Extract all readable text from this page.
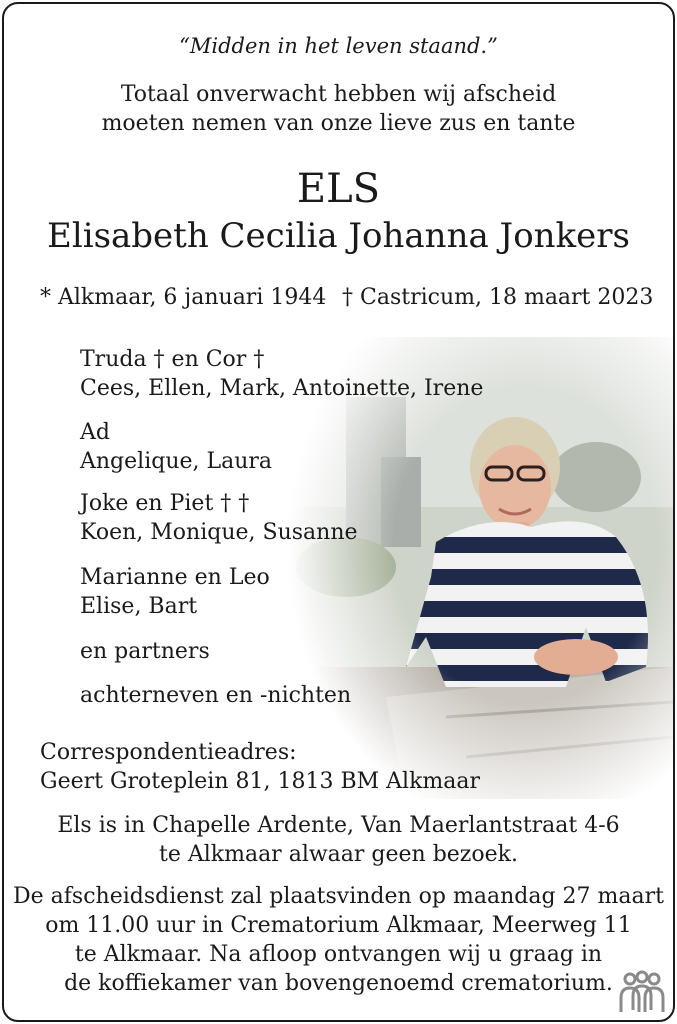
“Midden in het leven staand.”
Totaal onverwacht hebben wij afscheid
moeten nemen van onze lieve zus en tante
ELS
Elisabeth Cecilia Johanna Jonkers
* Alkmaar, 6 januari 1944 † Castricum, 18 maart 2023
Truda † en Cor †
Cees, Ellen, Mark, Antoinette, Irene
Ad
Angelique, Laura
Joke en Piet † †
Koen, Monique, Susanne
Marianne en Leo
Elise, Bart
en partners
achterneven en -nichten
Correspondentieadres:
Geert Groteplein 81, 1813 BM Alkmaar
Els is in Chapelle Ardente, Van Maerlantstraat 4-6
te Alkmaar alwaar geen bezoek.
De afscheidsdienst zal plaatsvinden op maandag 27 maart
om 11.00 uur in Crematorium Alkmaar, Meerweg 11
te Alkmaar. Na afloop ontvangen wij u graag in
de koffiekamer van bovengenoemd crematorium.
